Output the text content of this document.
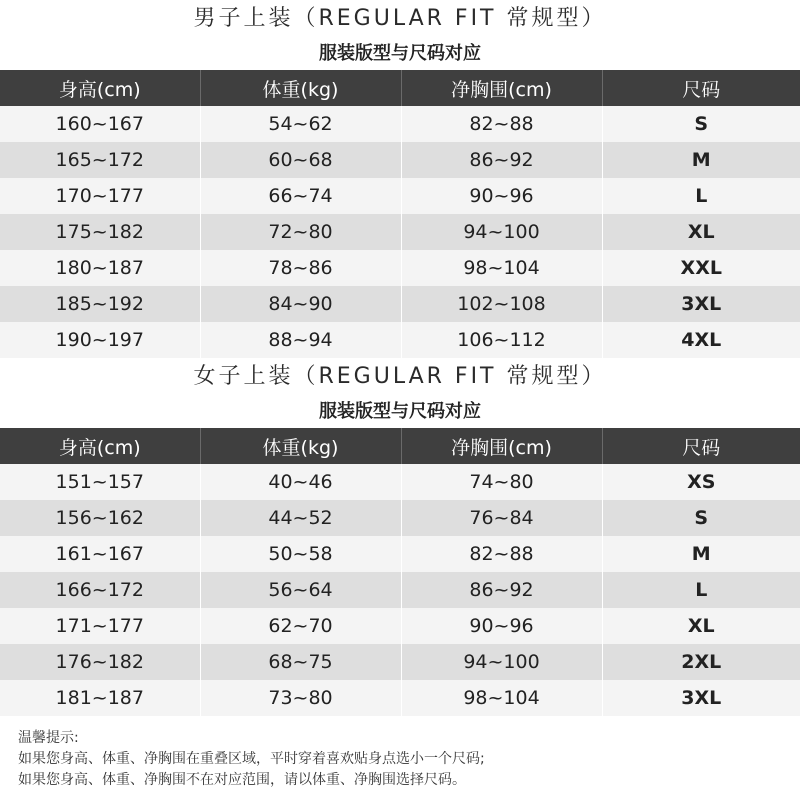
男子上装（REGULAR FIT 常规型）
服装版型与尺码对应
身高(cm)	体重(kg)	净胸围(cm)	尺码
160~167	54~62	82~88	S
165~172	60~68	86~92	M
170~177	66~74	90~96	L
175~182	72~80	94~100	XL
180~187	78~86	98~104	XXL
185~192	84~90	102~108	3XL
190~197	88~94	106~112	4XL
女子上装（REGULAR FIT 常规型）
服装版型与尺码对应
身高(cm)	体重(kg)	净胸围(cm)	尺码
151~157	40~46	74~80	XS
156~162	44~52	76~84	S
161~167	50~58	82~88	M
166~172	56~64	86~92	L
171~177	62~70	90~96	XL
176~182	68~75	94~100	2XL
181~187	73~80	98~104	3XL
温馨提示:
如果您身高、体重、净胸围在重叠区域，平时穿着喜欢贴身点选小一个尺码;
如果您身高、体重、净胸围不在对应范围，请以体重、净胸围选择尺码。
